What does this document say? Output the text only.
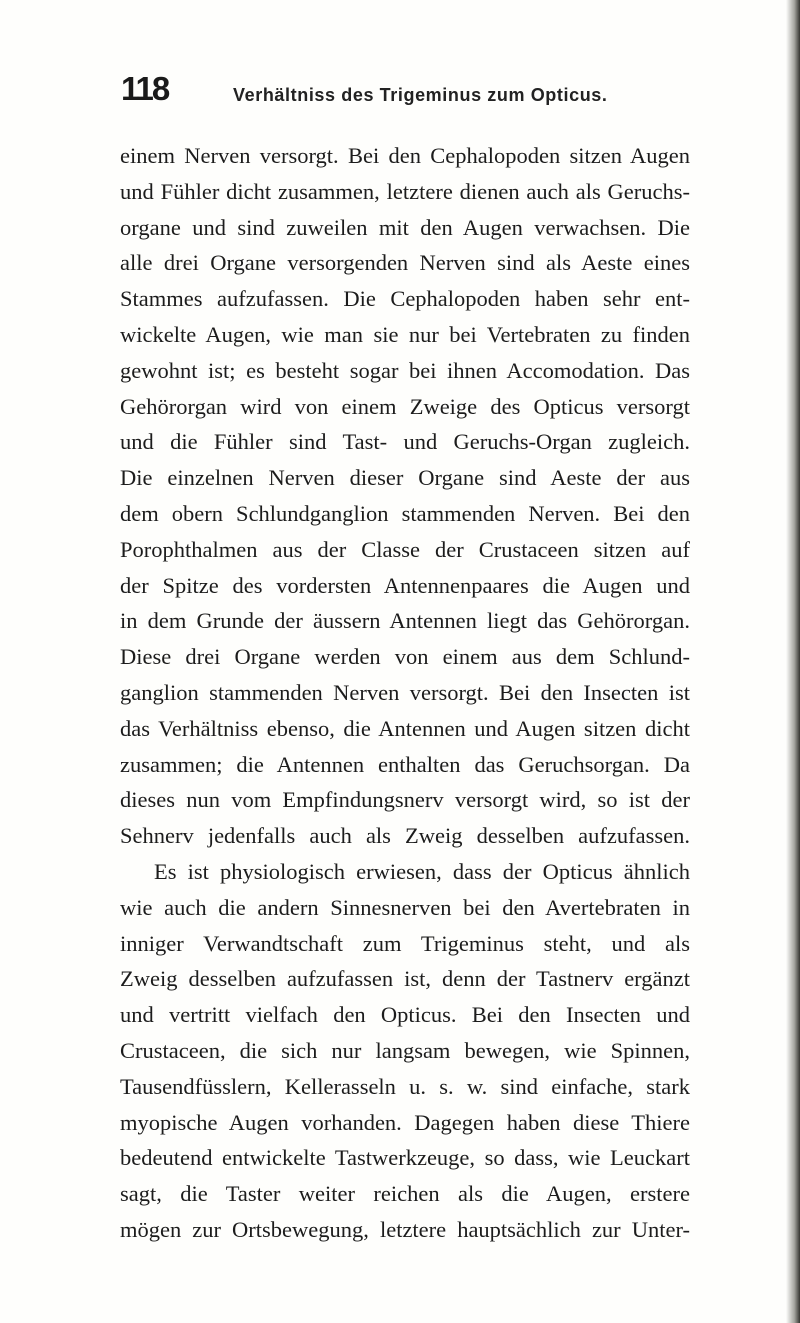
118	Verhältniss des Trigeminus zum Opticus.
einem Nerven versorgt. Bei den Cephalopoden sitzen Augen
und Fühler dicht zusammen, letztere dienen auch als Geruchs-
organe und sind zuweilen mit den Augen verwachsen. Die
alle drei Organe versorgenden Nerven sind als Aeste eines
Stammes aufzufassen. Die Cephalopoden haben sehr ent-
wickelte Augen, wie man sie nur bei Vertebraten zu finden
gewohnt ist; es besteht sogar bei ihnen Accomodation. Das
Gehörorgan wird von einem Zweige des Opticus versorgt
und die Fühler sind Tast- und Geruchs-Organ zugleich.
Die einzelnen Nerven dieser Organe sind Aeste der aus
dem obern Schlundganglion stammenden Nerven. Bei den
Porophthalmen aus der Classe der Crustaceen sitzen auf
der Spitze des vordersten Antennenpaares die Augen und
in dem Grunde der äussern Antennen liegt das Gehörorgan.
Diese drei Organe werden von einem aus dem Schlund-
ganglion stammenden Nerven versorgt. Bei den Insecten ist
das Verhältniss ebenso, die Antennen und Augen sitzen dicht
zusammen; die Antennen enthalten das Geruchsorgan. Da
dieses nun vom Empfindungsnerv versorgt wird, so ist der
Sehnerv jedenfalls auch als Zweig desselben aufzufassen.
Es ist physiologisch erwiesen, dass der Opticus ähnlich
wie auch die andern Sinnesnerven bei den Avertebraten in
inniger Verwandtschaft zum Trigeminus steht, und als
Zweig desselben aufzufassen ist, denn der Tastnerv ergänzt
und vertritt vielfach den Opticus. Bei den Insecten und
Crustaceen, die sich nur langsam bewegen, wie Spinnen,
Tausendfüsslern, Kellerasseln u. s. w. sind einfache, stark
myopische Augen vorhanden. Dagegen haben diese Thiere
bedeutend entwickelte Tastwerkzeuge, so dass, wie Leuckart
sagt, die Taster weiter reichen als die Augen, erstere
mögen zur Ortsbewegung, letztere hauptsächlich zur Unter-
